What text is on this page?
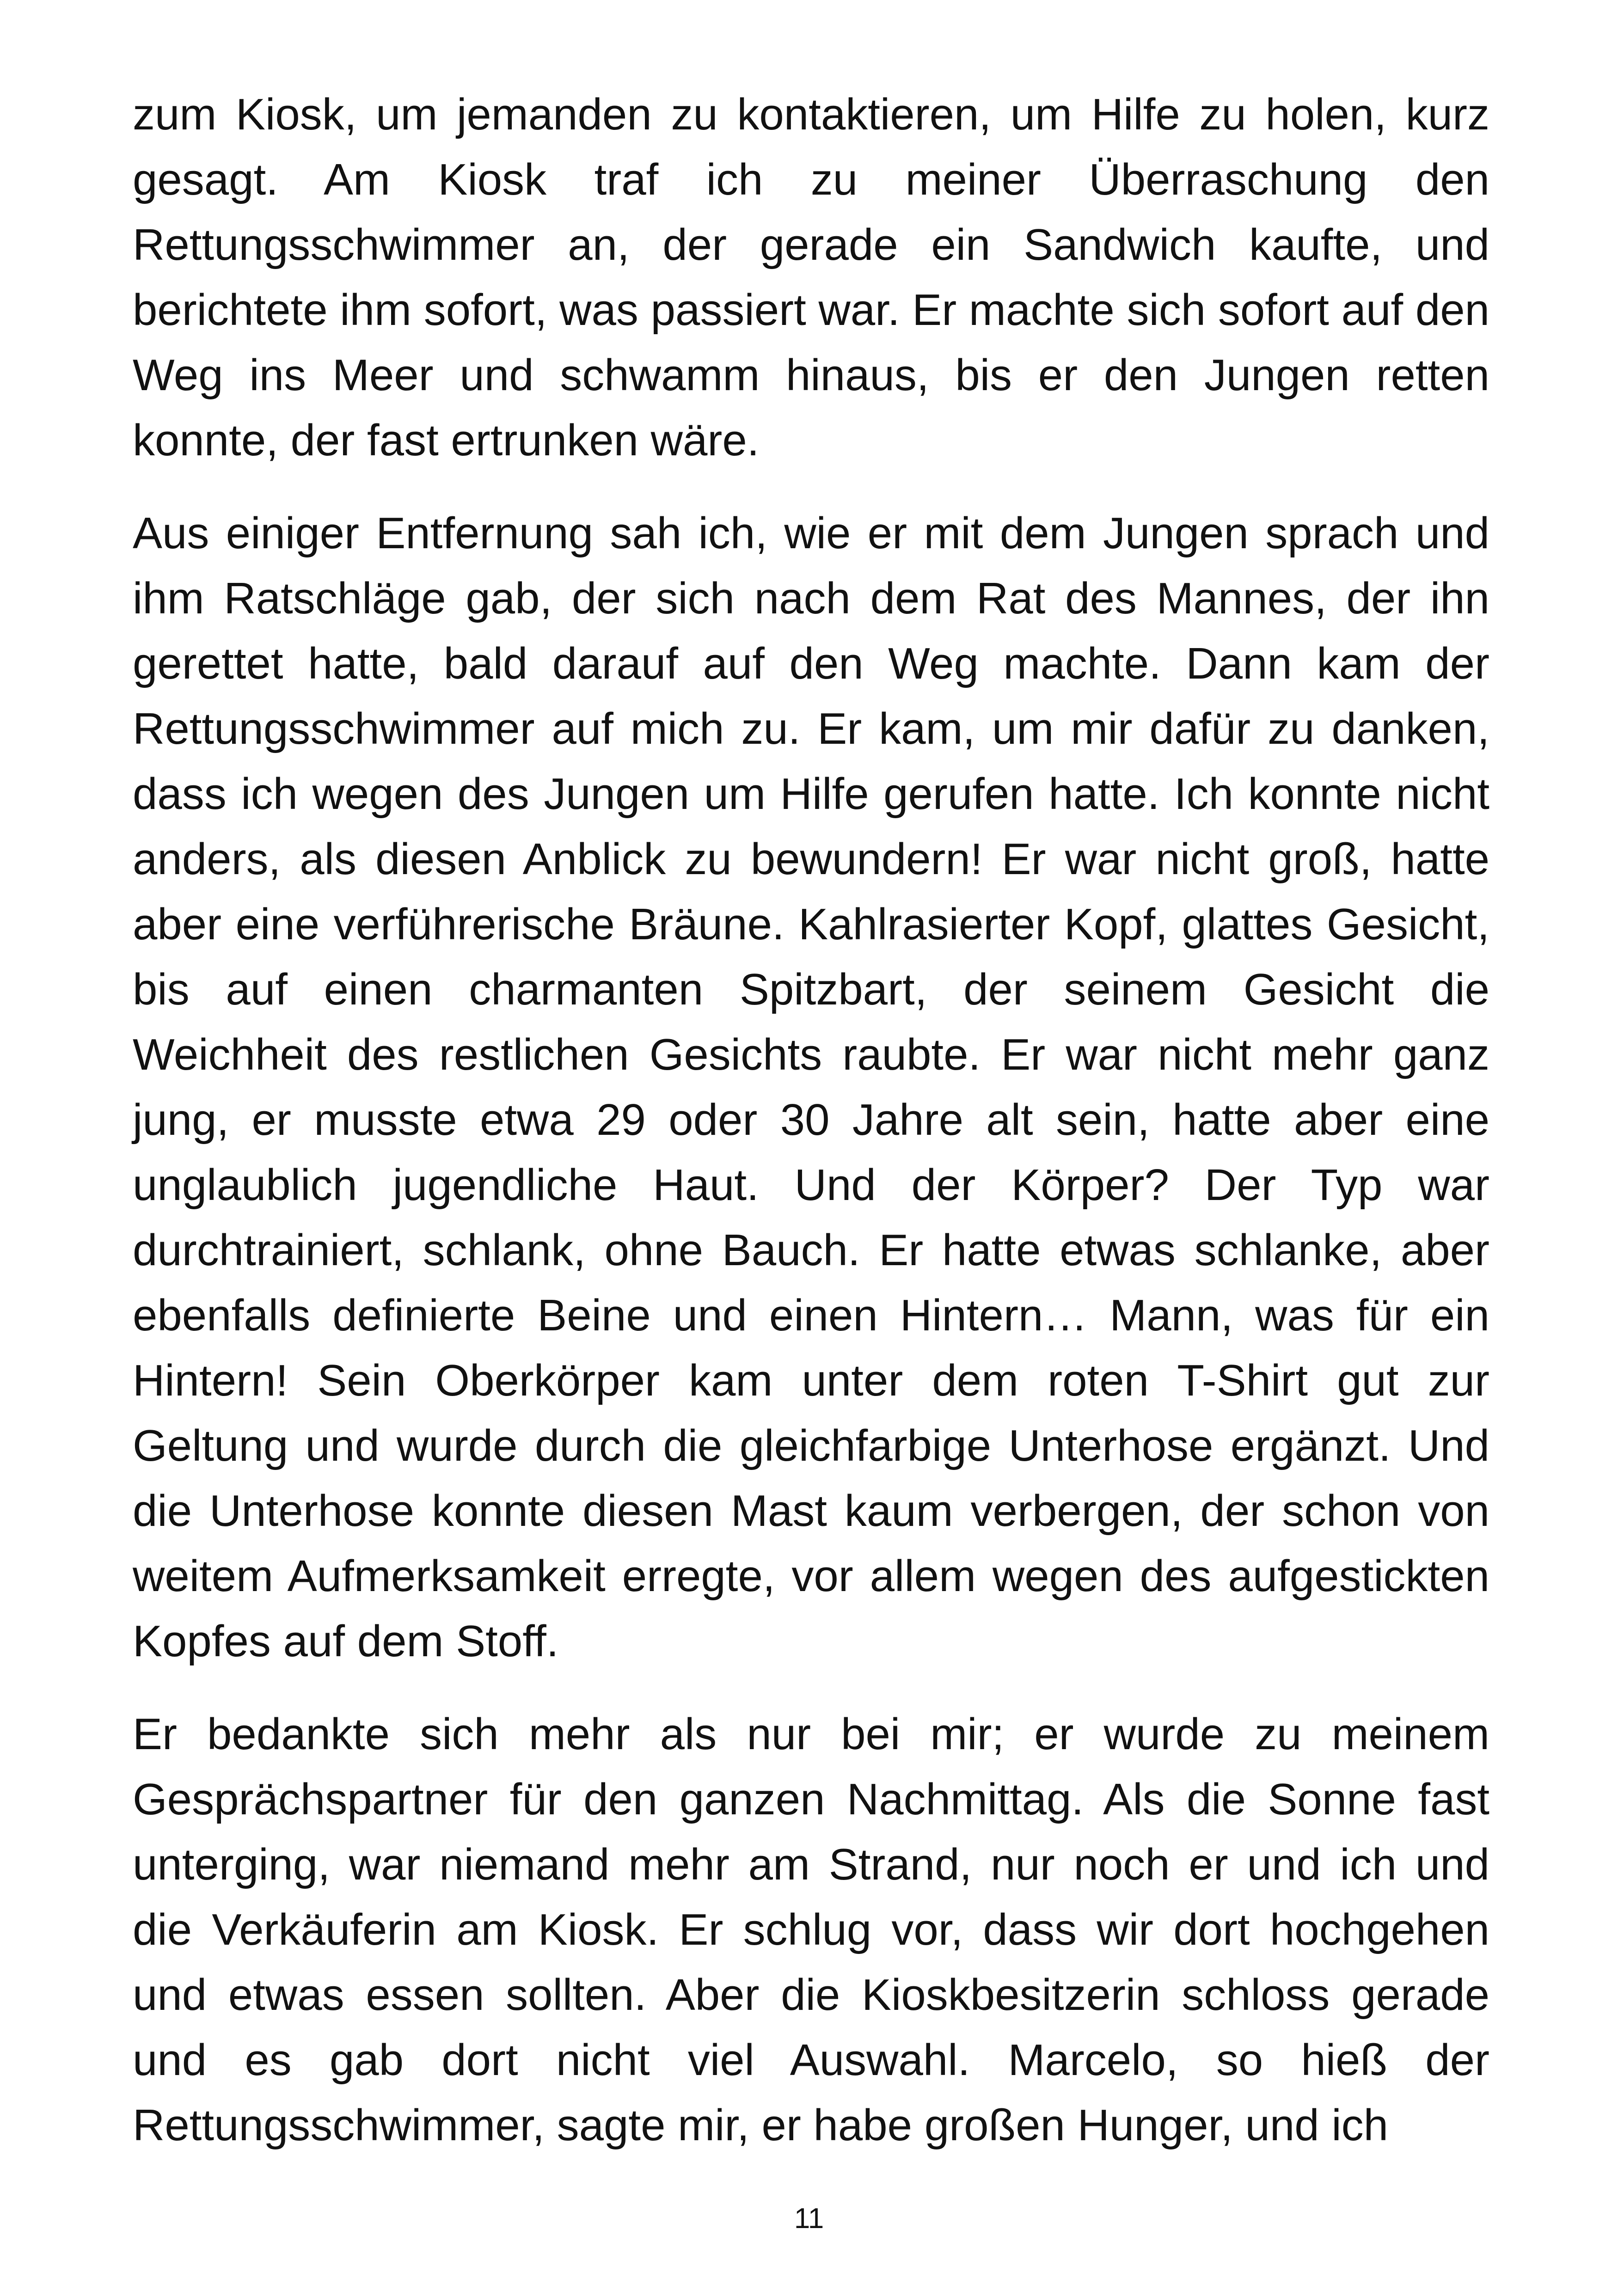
zum Kiosk, um jemanden zu kontaktieren, um Hilfe zu holen, kurz gesagt. Am Kiosk traf ich zu meiner Überraschung den Rettungsschwimmer an, der gerade ein Sandwich kaufte, und berichtete ihm sofort, was passiert war. Er machte sich sofort auf den Weg ins Meer und schwamm hinaus, bis er den Jungen retten konnte, der fast ertrunken wäre.

Aus einiger Entfernung sah ich, wie er mit dem Jungen sprach und ihm Ratschläge gab, der sich nach dem Rat des Mannes, der ihn gerettet hatte, bald darauf auf den Weg machte. Dann kam der Rettungsschwimmer auf mich zu. Er kam, um mir dafür zu danken, dass ich wegen des Jungen um Hilfe gerufen hatte. Ich konnte nicht anders, als diesen Anblick zu bewundern! Er war nicht groß, hatte aber eine verführerische Bräune. Kahlrasierter Kopf, glattes Gesicht, bis auf einen charmanten Spitzbart, der seinem Gesicht die Weichheit des restlichen Gesichts raubte. Er war nicht mehr ganz jung, er musste etwa 29 oder 30 Jahre alt sein, hatte aber eine unglaublich jugendliche Haut. Und der Körper? Der Typ war durchtrainiert, schlank, ohne Bauch. Er hatte etwas schlanke, aber ebenfalls definierte Beine und einen Hintern… Mann, was für ein Hintern! Sein Oberkörper kam unter dem roten T-Shirt gut zur Geltung und wurde durch die gleichfarbige Unterhose ergänzt. Und die Unterhose konnte diesen Mast kaum verbergen, der schon von weitem Aufmerksamkeit erregte, vor allem wegen des aufgestickten Kopfes auf dem Stoff.

Er bedankte sich mehr als nur bei mir; er wurde zu meinem Gesprächspartner für den ganzen Nachmittag. Als die Sonne fast unterging, war niemand mehr am Strand, nur noch er und ich und die Verkäuferin am Kiosk. Er schlug vor, dass wir dort hochgehen und etwas essen sollten. Aber die Kioskbesitzerin schloss gerade und es gab dort nicht viel Auswahl. Marcelo, so hieß der Rettungsschwimmer, sagte mir, er habe großen Hunger, und ich

11
